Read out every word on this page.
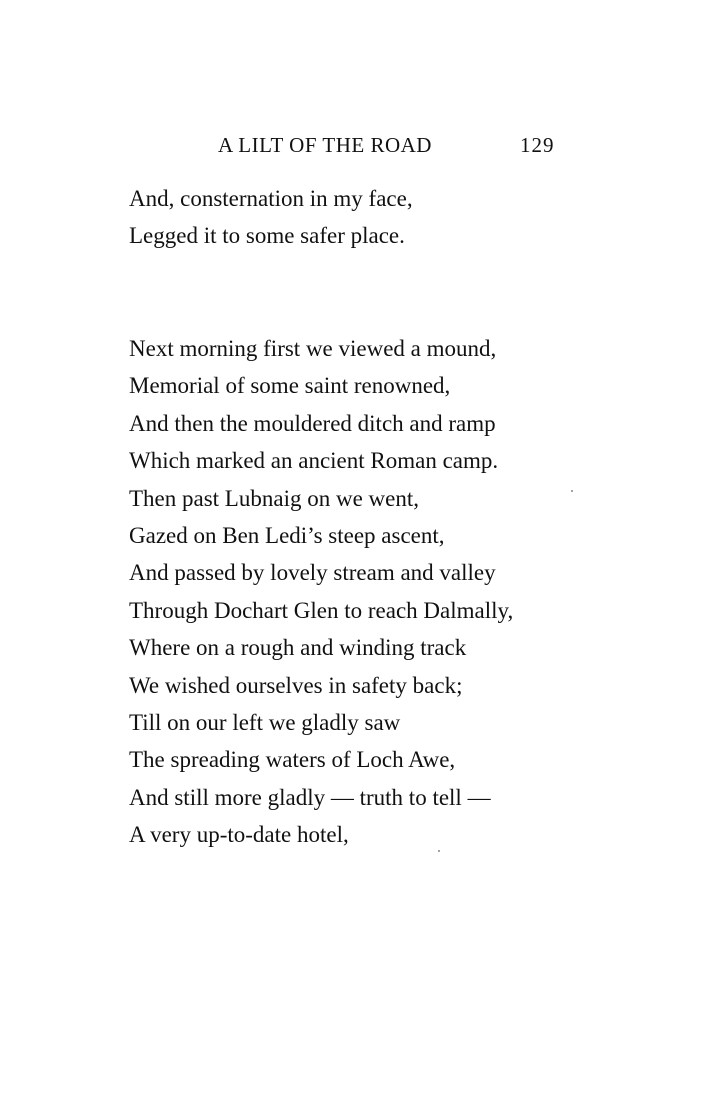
A LILT OF THE ROAD	129
And, consternation in my face,
Legged it to some safer place.
Next morning first we viewed a mound,
Memorial of some saint renowned,
And then the mouldered ditch and ramp
Which marked an ancient Roman camp.
Then past Lubnaig on we went,
Gazed on Ben Ledi’s steep ascent,
And passed by lovely stream and valley
Through Dochart Glen to reach Dalmally,
Where on a rough and winding track
We wished ourselves in safety back;
Till on our left we gladly saw
The spreading waters of Loch Awe,
And still more gladly — truth to tell —
A very up-to-date hotel,
